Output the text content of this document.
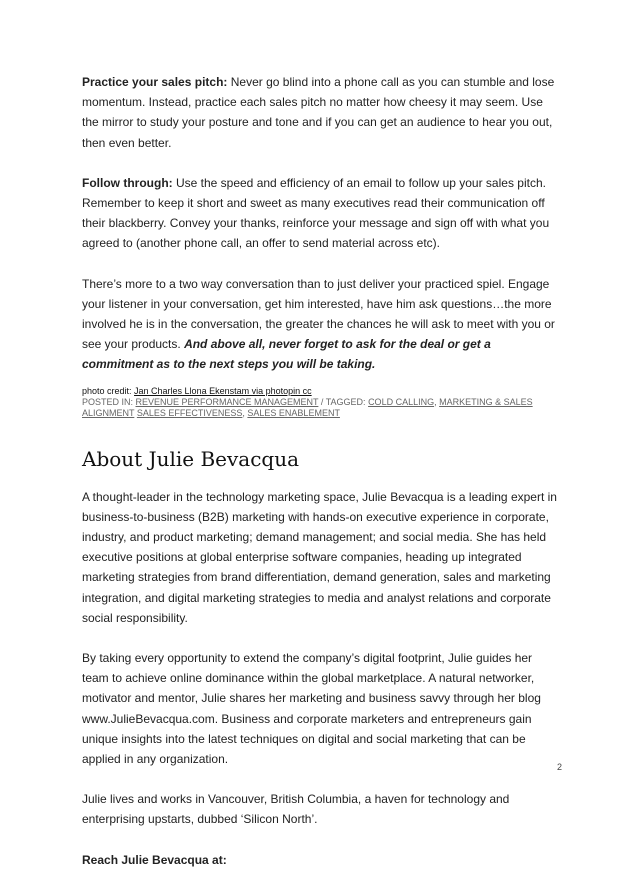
Practice your sales pitch: Never go blind into a phone call as you can stumble and lose momentum. Instead, practice each sales pitch no matter how cheesy it may seem. Use the mirror to study your posture and tone and if you can get an audience to hear you out, then even better.

Follow through: Use the speed and efficiency of an email to follow up your sales pitch. Remember to keep it short and sweet as many executives read their communication off their blackberry. Convey your thanks, reinforce your message and sign off with what you agreed to (another phone call, an offer to send material across etc).

There’s more to a two way conversation than to just deliver your practiced spiel. Engage your listener in your conversation, get him interested, have him ask questions…the more involved he is in the conversation, the greater the chances he will ask to meet with you or see your products. And above all, never forget to ask for the deal or get a commitment as to the next steps you will be taking.

photo credit: Jan Charles Llona Ekenstam via photopin cc
POSTED IN: REVENUE PERFORMANCE MANAGEMENT / TAGGED: COLD CALLING, MARKETING & SALES ALIGNMENT SALES EFFECTIVENESS, SALES ENABLEMENT
About Julie Bevacqua

A thought-leader in the technology marketing space, Julie Bevacqua is a leading expert in business-to-business (B2B) marketing with hands-on executive experience in corporate, industry, and product marketing; demand management; and social media. She has held executive positions at global enterprise software companies, heading up integrated marketing strategies from brand differentiation, demand generation, sales and marketing integration, and digital marketing strategies to media and analyst relations and corporate social responsibility.

By taking every opportunity to extend the company’s digital footprint, Julie guides her team to achieve online dominance within the global marketplace. A natural networker, motivator and mentor, Julie shares her marketing and business savvy through her blog www.JulieBevacqua.com. Business and corporate marketers and entrepreneurs gain unique insights into the latest techniques on digital and social marketing that can be applied in any organization.

Julie lives and works in Vancouver, British Columbia, a haven for technology and enterprising upstarts, dubbed ‘Silicon North’.

Reach Julie Bevacqua at:

2
